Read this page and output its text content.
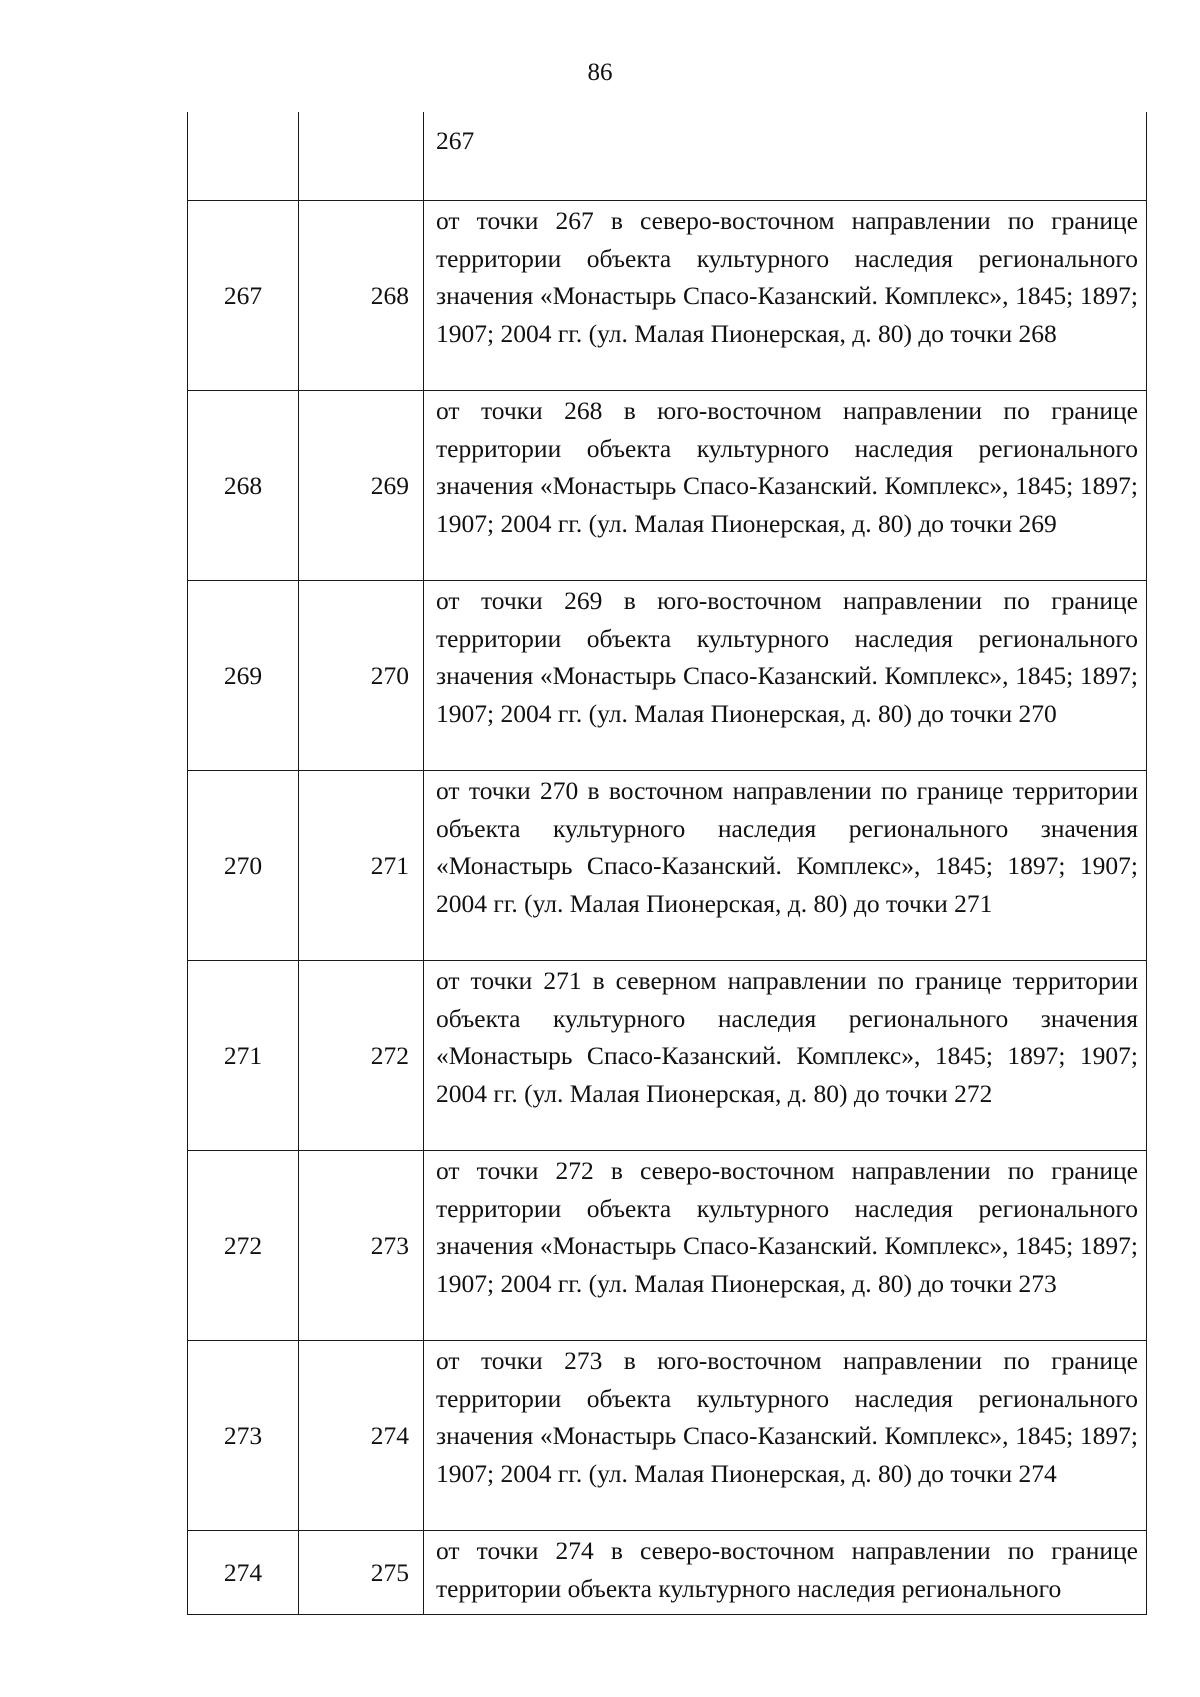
86
		267
267	268	от точки 267 в северо-восточном направлении по границе территории объекта культурного наследия регионального значения «Монастырь Спасо-Казанский. Комплекс», 1845; 1897; 1907; 2004 гг. (ул. Малая Пионерская, д. 80) до точки 268
268	269	от точки 268 в юго-восточном направлении по границе территории объекта культурного наследия регионального значения «Монастырь Спасо-Казанский. Комплекс», 1845; 1897; 1907; 2004 гг. (ул. Малая Пионерская, д. 80) до точки 269
269	270	от точки 269 в юго-восточном направлении по границе территории объекта культурного наследия регионального значения «Монастырь Спасо-Казанский. Комплекс», 1845; 1897; 1907; 2004 гг. (ул. Малая Пионерская, д. 80) до точки 270
270	271	от точки 270 в восточном направлении по границе территории объекта культурного наследия регионального значения «Монастырь Спасо-Казанский. Комплекс», 1845; 1897; 1907; 2004 гг. (ул. Малая Пионерская, д. 80) до точки 271
271	272	от точки 271 в северном направлении по границе территории объекта культурного наследия регионального значения «Монастырь Спасо-Казанский. Комплекс», 1845; 1897; 1907; 2004 гг. (ул. Малая Пионерская, д. 80) до точки 272
272	273	от точки 272 в северо-восточном направлении по границе территории объекта культурного наследия регионального значения «Монастырь Спасо-Казанский. Комплекс», 1845; 1897; 1907; 2004 гг. (ул. Малая Пионерская, д. 80) до точки 273
273	274	от точки 273 в юго-восточном направлении по границе территории объекта культурного наследия регионального значения «Монастырь Спасо-Казанский. Комплекс», 1845; 1897; 1907; 2004 гг. (ул. Малая Пионерская, д. 80) до точки 274
274	275	от точки 274 в северо-восточном направлении по границе территории объекта культурного наследия регионального
